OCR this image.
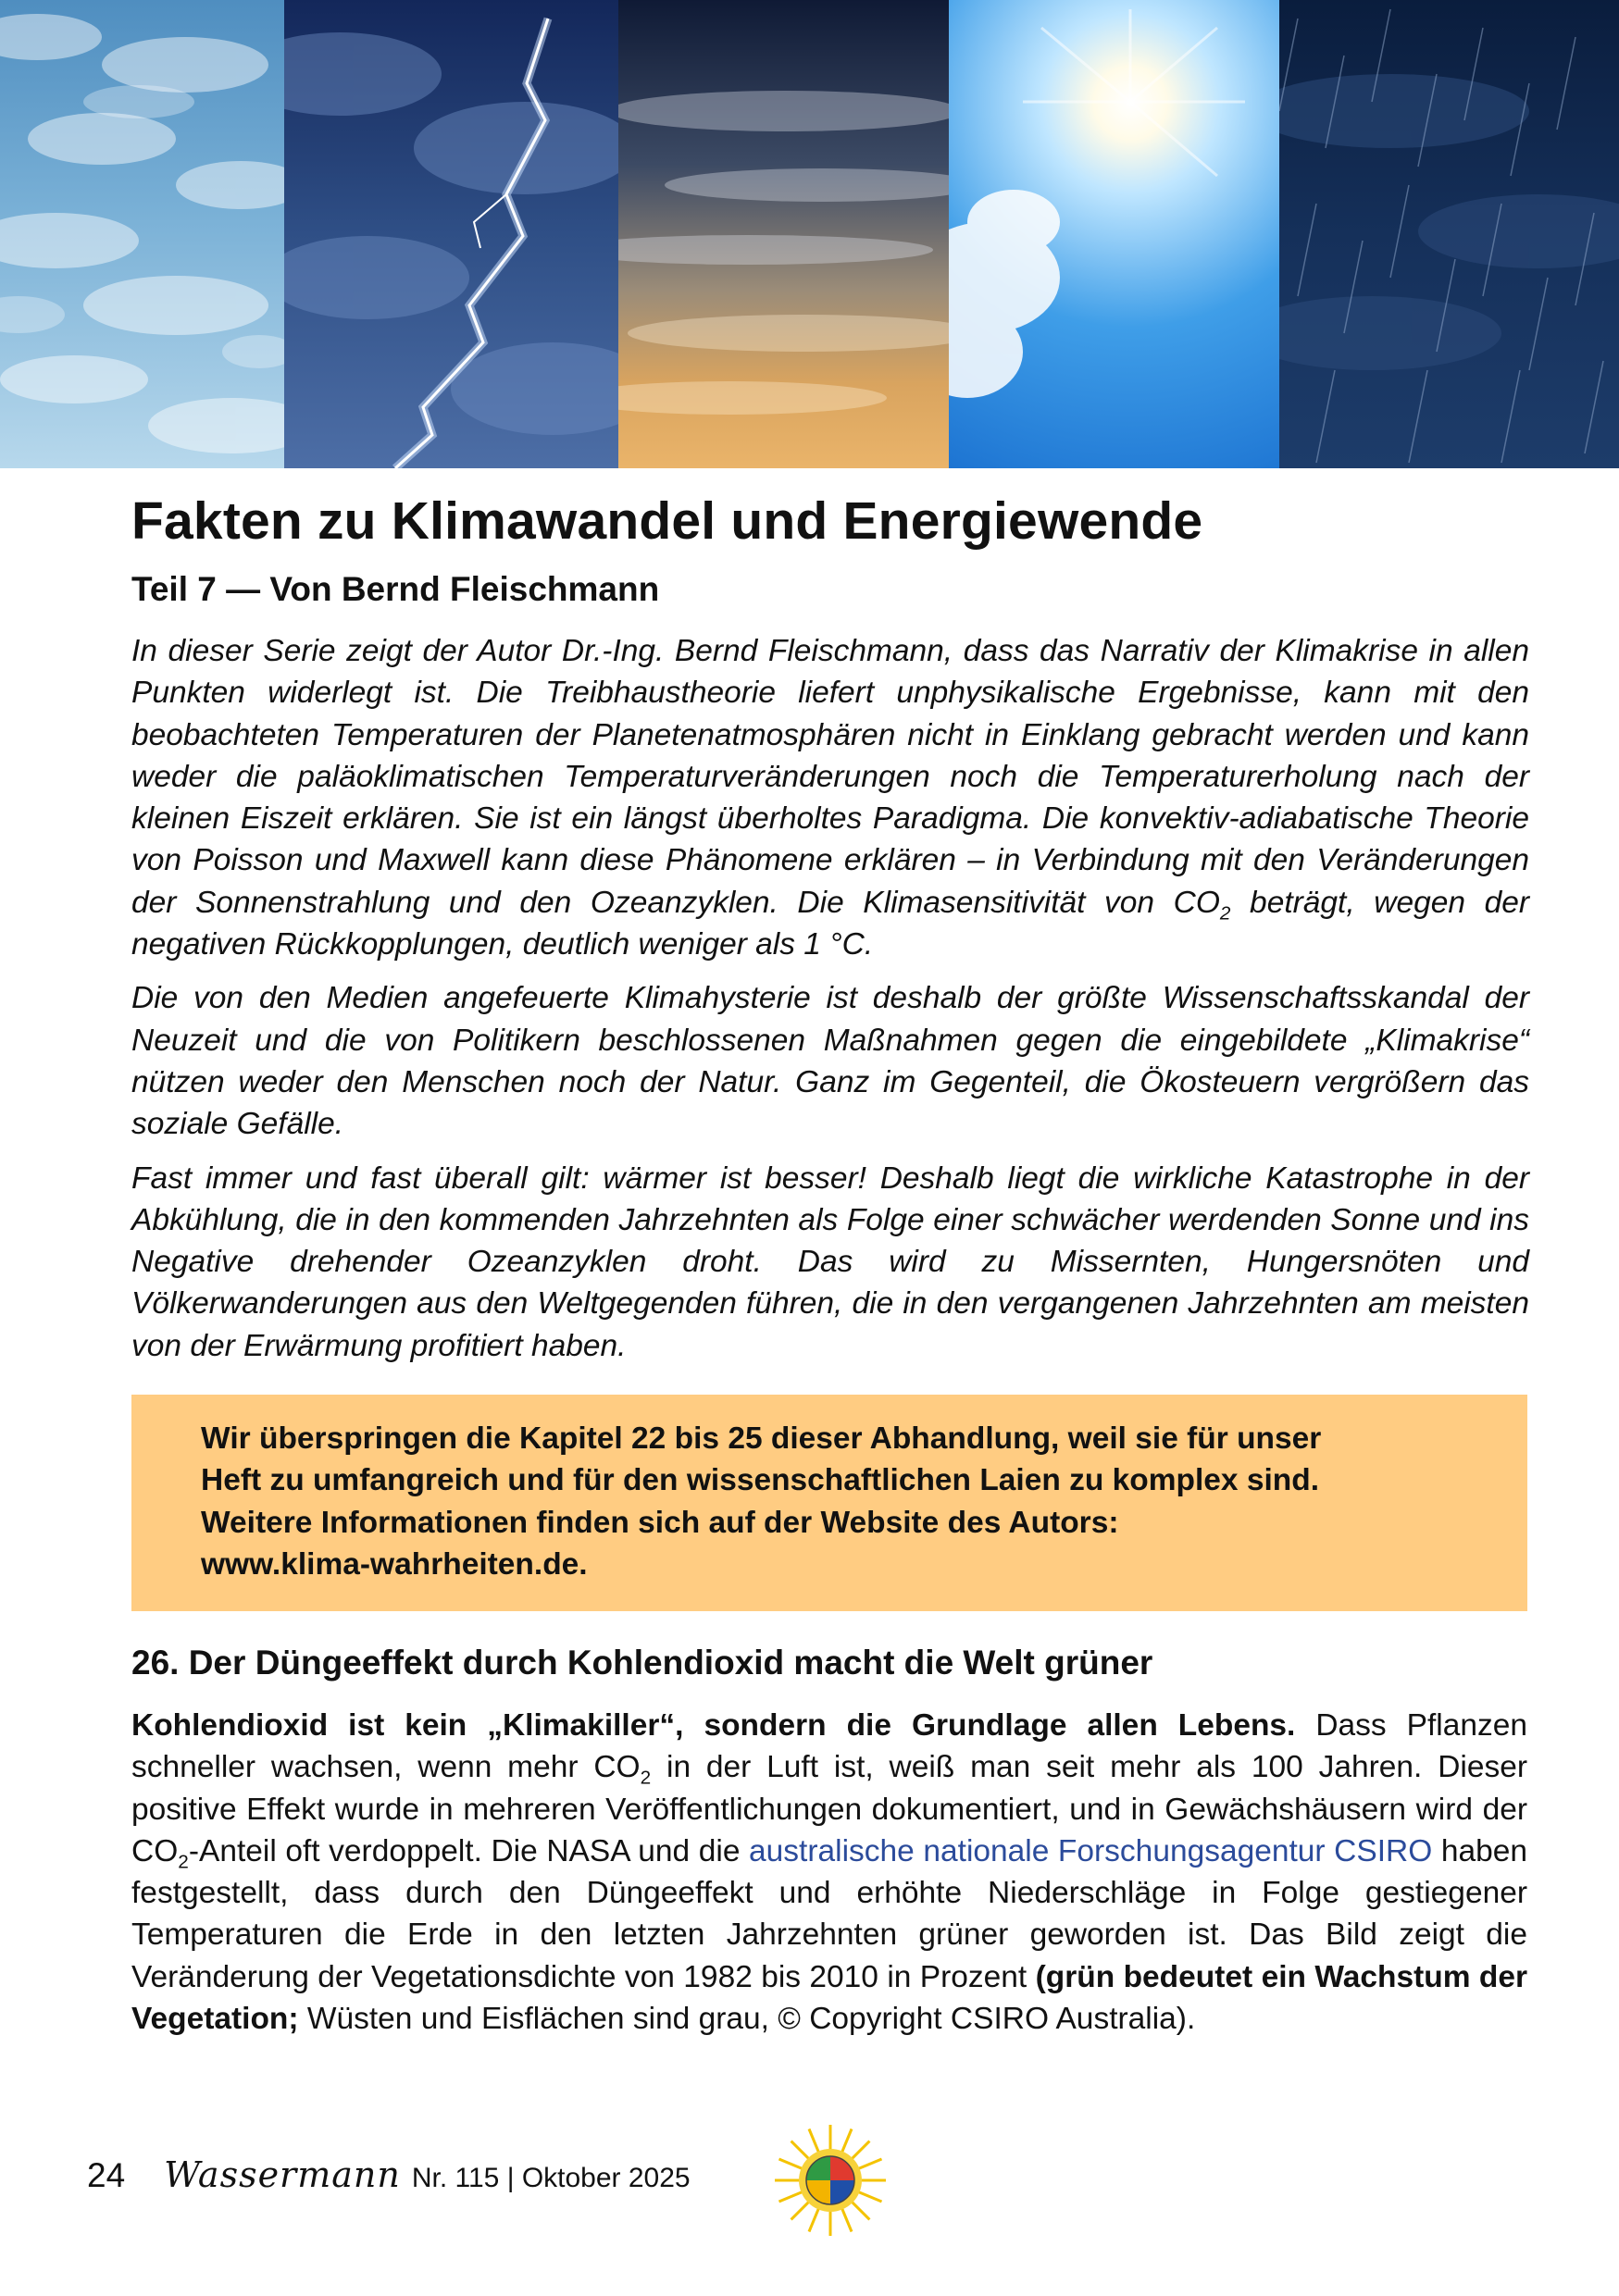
Fakten zu Klimawandel und Energiewende
Teil 7 — Von Bernd Fleischmann

In dieser Serie zeigt der Autor Dr.-Ing. Bernd Fleischmann, dass das Narrativ der Klimakrise in allen Punkten widerlegt ist. Die Treibhaustheorie liefert unphysikalische Ergebnisse, kann mit den beobachteten Temperaturen der Planetenatmosphären nicht in Einklang gebracht werden und kann weder die paläoklimatischen Temperaturveränderungen noch die Temperaturerholung nach der kleinen Eiszeit erklären. Sie ist ein längst überholtes Paradigma. Die konvektiv-adiabatische Theorie von Poisson und Maxwell kann diese Phänomene erklären – in Verbindung mit den Veränderungen der Sonnenstrahlung und den Ozeanzyklen. Die Klimasensitivität von $CO_2$ beträgt, wegen der negativen Rückkopplungen, deutlich weniger als 1 °C.

Die von den Medien angefeuerte Klimahysterie ist deshalb der größte Wissenschaftsskandal der Neuzeit und die von Politikern beschlossenen Maßnahmen gegen die eingebildete „Klimakrise“ nützen weder den Menschen noch der Natur. Ganz im Gegenteil, die Ökosteuern vergrößern das soziale Gefälle.

Fast immer und fast überall gilt: wärmer ist besser! Deshalb liegt die wirkliche Katastrophe in der Abkühlung, die in den kommenden Jahrzehnten als Folge einer schwächer werdenden Sonne und ins Negative drehender Ozeanzyklen droht. Das wird zu Missernten, Hungersnöten und Völkerwanderungen aus den Weltgegenden führen, die in den vergangenen Jahrzehnten am meisten von der Erwärmung profitiert haben.

Wir überspringen die Kapitel 22 bis 25 dieser Abhandlung, weil sie für unser
Heft zu umfangreich und für den wissenschaftlichen Laien zu komplex sind.
Weitere Informationen finden sich auf der Website des Autors:
www.klima-wahrheiten.de.
26. Der Düngeeffekt durch Kohlendioxid macht die Welt grüner
Kohlendioxid ist kein „Klimakiller“, sondern die Grundlage allen Lebens. Dass Pflanzen schneller wachsen, wenn mehr $CO_2$ in der Luft ist, weiß man seit mehr als 100 Jahren. Dieser positive Effekt wurde in mehreren Veröffentlichungen dokumentiert, und in Gewächshäusern wird der $CO_2$-Anteil oft verdoppelt. Die NASA und die australische nationale Forschungsagentur CSIRO haben festgestellt, dass durch den Düngeeffekt und erhöhte Niederschläge in Folge gestiegener Temperaturen die Erde in den letzten Jahrzehnten grüner geworden ist. Das Bild zeigt die Veränderung der Vegetationsdichte von 1982 bis 2010 in Prozent (grün bedeutet ein Wachstum der Vegetation; Wüsten und Eisflächen sind grau, © Copyright CSIRO Australia).
24 Wassermann Nr. 115 | Oktober 2025
